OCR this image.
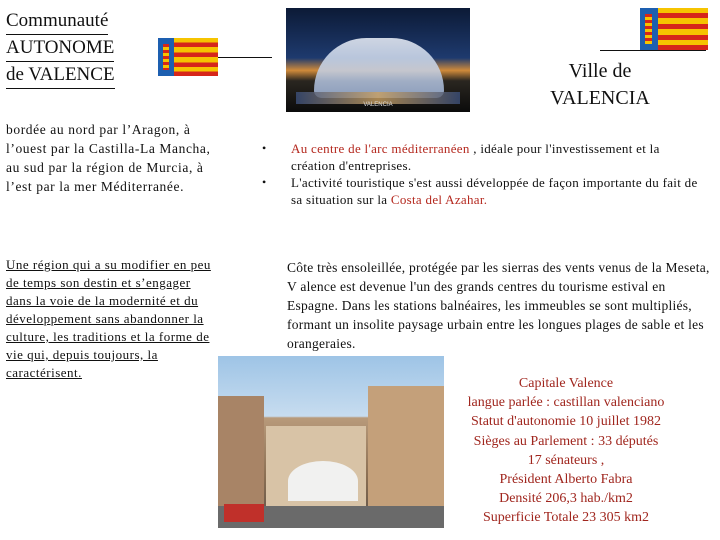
Communauté
AUTONOME
de VALENCE
VALENCIA
Ville de
VALENCIA
bordée au nord par l’Aragon, à l’ouest par la Castilla-La Mancha, au sud par la région de Murcia, à l’est par la mer Méditerranée.
Une région qui a su modifier en peu de temps son destin et s’engager dans la voie de la modernité et du développement sans abandonner la culture, les traditions et la forme de vie qui, depuis toujours, la caractérisent.
• Au centre de l'arc méditerranéen , idéale pour l'investissement et la création d'entreprises.
• L'activité touristique s'est aussi développée de façon importante du fait de sa situation sur la Costa del Azahar.
Côte très ensoleillée, protégée par les sierras des vents venus de la Meseta, V alence est devenue l'un des grands centres du tourisme estival en Espagne. Dans les stations balnéaires, les immeubles se sont multipliés, formant un insolite paysage urbain entre les longues plages de sable et les orangeraies.
Capitale Valence
langue parlée : castillan valenciano
Statut d'autonomie 10 juillet 1982
Sièges au Parlement : 33 députés
17 sénateurs ,
Président Alberto Fabra
Densité 206,3 hab./km2
Superficie Totale 23 305 km2
